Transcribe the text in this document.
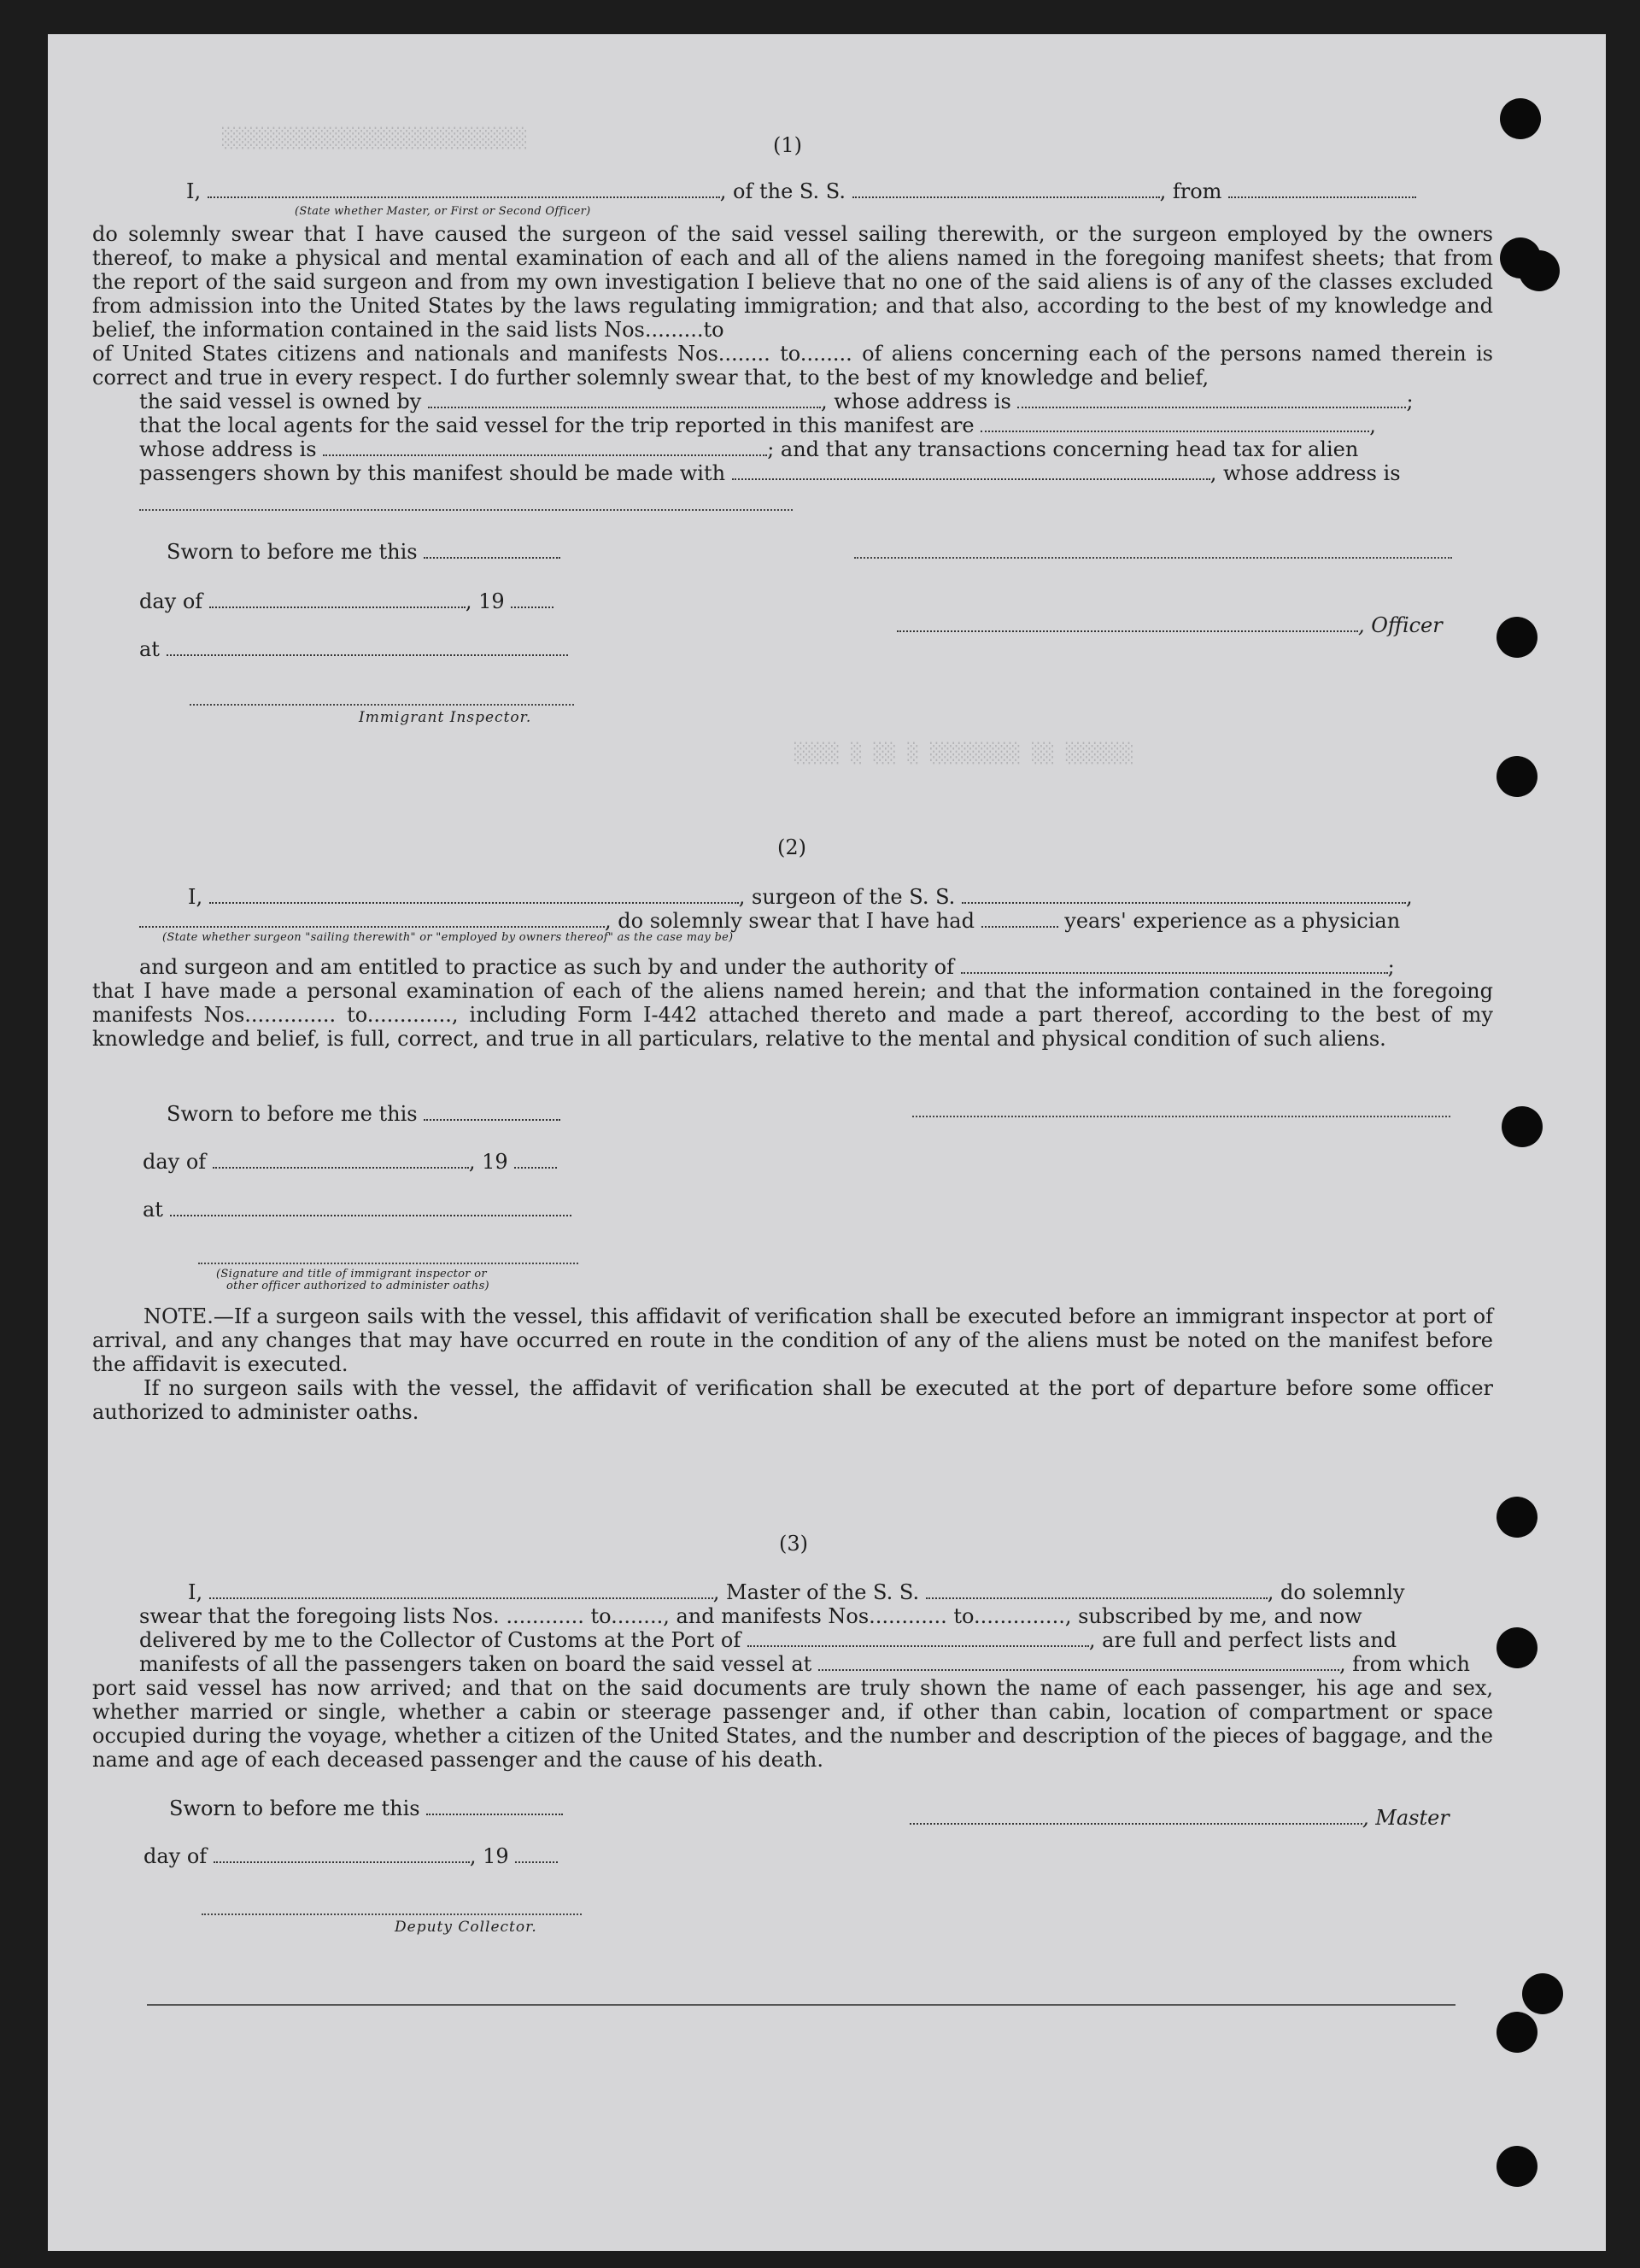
░░░░░░░░░░░░░░░░░░░░░░░░░░░
░░░░ ░ ░░ ░ ░░░░░░░░ ░░ ░░░░░░
(1)
I,	, of the S. S.	, from
(State whether Master, or First or Second Officer)

do solemnly swear that I have caused the surgeon of the said vessel sailing therewith, or the surgeon employed by the owners thereof, to make a physical and mental examination of each and all of the aliens named in the foregoing manifest sheets; that from the report of the said surgeon and from my own investigation I believe that no one of the said aliens is of any of the classes excluded from admission into the United States by the laws regulating immigration; and that also, according to the best of my knowledge and belief, the information contained in the said lists Nos.........to

of United States citizens and nationals and manifests Nos........ to........ of aliens concerning each of the persons named therein is correct and true in every respect. I do further solemnly swear that, to the best of my knowledge and belief,

the said vessel is owned by	, whose address is	;
that the local agents for the said vessel for the trip reported in this manifest are	,
whose address is	; and that any transactions concerning head tax for alien
passengers shown by this manifest should be made with	, whose address is
Sworn to before me this
day of	, 19
, Officer
at
Immigrant Inspector.
(2)
I,	, surgeon of the S. S.	,
, do solemnly swear that I have had	years' experience as a physician
(State whether surgeon "sailing therewith" or "employed by owners thereof" as the case may be)
and surgeon and am entitled to practice as such by and under the authority of	;

that I have made a personal examination of each of the aliens named herein; and that the information contained in the foregoing manifests Nos.............. to............., including Form I-442 attached thereto and made a part thereof, according to the best of my knowledge and belief, is full, correct, and true in all particulars, relative to the mental and physical condition of such aliens.

Sworn to before me this
day of	, 19
at
(Signature and title of immigrant inspector or
other officer authorized to administer oaths)

NOTE.—If a surgeon sails with the vessel, this affidavit of verification shall be executed before an immigrant inspector at port of arrival, and any changes that may have occurred en route in the condition of any of the aliens must be noted on the manifest before the affidavit is executed.

If no surgeon sails with the vessel, the affidavit of verification shall be executed at the port of departure before some officer authorized to administer oaths.

(3)
I,	, Master of the S. S.	, do solemnly
swear that the foregoing lists Nos. ............ to........, and manifests Nos............ to.............., subscribed by me, and now
delivered by me to the Collector of Customs at the Port of	, are full and perfect lists and
manifests of all the passengers taken on board the said vessel at	, from which

port said vessel has now arrived; and that on the said documents are truly shown the name of each passenger, his age and sex, whether married or single, whether a cabin or steerage passenger and, if other than cabin, location of compartment or space occupied during the voyage, whether a citizen of the United States, and the number and description of the pieces of baggage, and the name and age of each deceased passenger and the cause of his death.

Sworn to before me this	, Master
day of	, 19
Deputy Collector.
